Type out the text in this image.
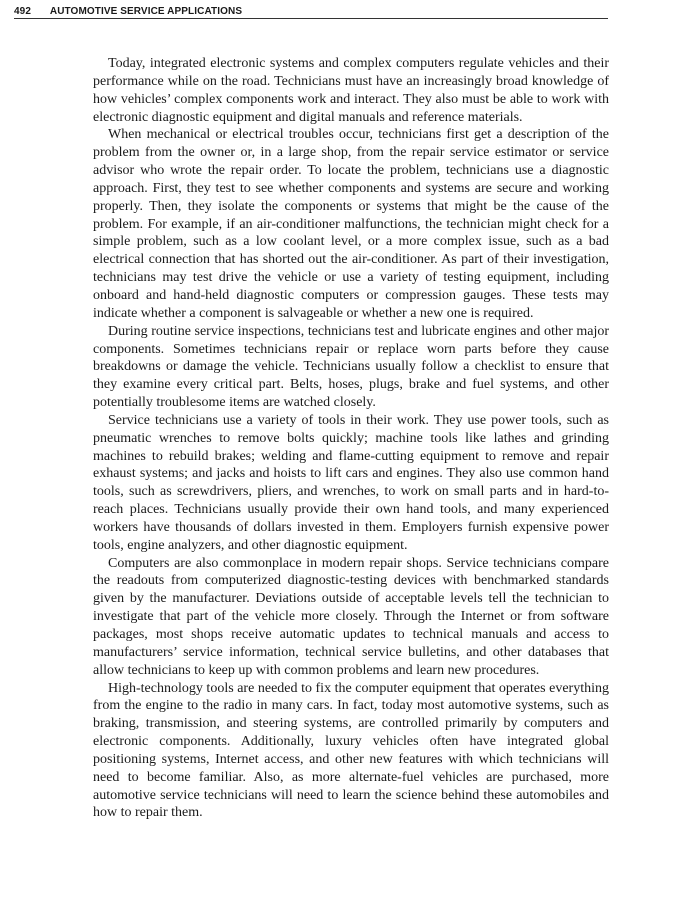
492 AUTOMOTIVE SERVICE APPLICATIONS

Today, integrated electronic systems and complex computers regulate vehicles and their performance while on the road. Technicians must have an increasingly broad knowledge of how vehicles’ complex components work and interact. They also must be able to work with electronic diagnostic equipment and digital manuals and reference materials.

When mechanical or electrical troubles occur, technicians first get a description of the problem from the owner or, in a large shop, from the repair service estimator or service advisor who wrote the repair order. To locate the problem, technicians use a diagnostic approach. First, they test to see whether components and systems are secure and working properly. Then, they isolate the components or systems that might be the cause of the problem. For example, if an air-conditioner malfunctions, the technician might check for a simple problem, such as a low coolant level, or a more complex issue, such as a bad electrical connection that has shorted out the air-conditioner. As part of their investigation, technicians may test drive the vehicle or use a variety of testing equipment, including onboard and hand-held diagnostic computers or compression gauges. These tests may indicate whether a component is salvageable or whether a new one is required.

During routine service inspections, technicians test and lubricate engines and other major components. Sometimes technicians repair or replace worn parts before they cause breakdowns or damage the vehicle. Technicians usually follow a checklist to ensure that they examine every critical part. Belts, hoses, plugs, brake and fuel systems, and other potentially troublesome items are watched closely.

Service technicians use a variety of tools in their work. They use power tools, such as pneumatic wrenches to remove bolts quickly; machine tools like lathes and grinding machines to rebuild brakes; welding and flame-cutting equipment to remove and repair exhaust systems; and jacks and hoists to lift cars and engines. They also use common hand tools, such as screwdrivers, pliers, and wrenches, to work on small parts and in hard-to-reach places. Technicians usually provide their own hand tools, and many experienced workers have thousands of dollars invested in them. Employers furnish expensive power tools, engine analyzers, and other diagnostic equipment.

Computers are also commonplace in modern repair shops. Service technicians compare the readouts from computerized diagnostic-testing devices with benchmarked standards given by the manufacturer. Deviations outside of acceptable levels tell the technician to investigate that part of the vehicle more closely. Through the Internet or from software packages, most shops receive automatic updates to technical manuals and access to manufacturers’ service information, technical service bulletins, and other databases that allow technicians to keep up with common problems and learn new procedures.

High-technology tools are needed to fix the computer equipment that operates everything from the engine to the radio in many cars. In fact, today most automotive systems, such as braking, transmission, and steering systems, are controlled primarily by computers and electronic components. Additionally, luxury vehicles often have integrated global positioning systems, Internet access, and other new features with which technicians will need to become familiar. Also, as more alternate-fuel vehicles are purchased, more automotive service technicians will need to learn the science behind these automobiles and how to repair them.
